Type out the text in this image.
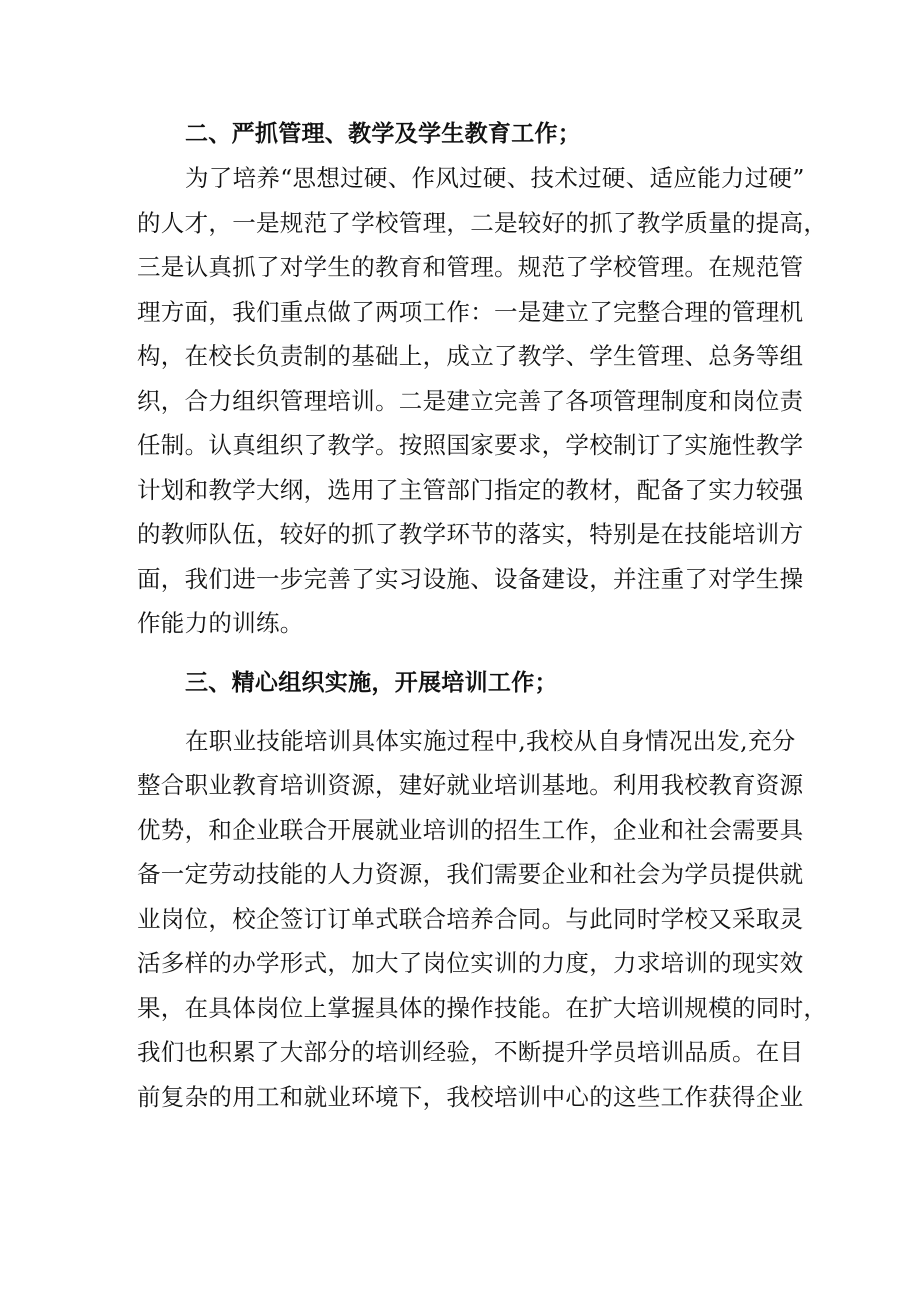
二、严抓管理、教学及学生教育工作；
为了培养“思想过硬、作风过硬、技术过硬、适应能力过硬”
的人才，一是规范了学校管理，二是较好的抓了教学质量的提高，
三是认真抓了对学生的教育和管理。规范了学校管理。在规范管
理方面，我们重点做了两项工作：一是建立了完整合理的管理机
构，在校长负责制的基础上，成立了教学、学生管理、总务等组
织，合力组织管理培训。二是建立完善了各项管理制度和岗位责
任制。认真组织了教学。按照国家要求，学校制订了实施性教学
计划和教学大纲，选用了主管部门指定的教材，配备了实力较强
的教师队伍，较好的抓了教学环节的落实，特别是在技能培训方
面，我们进一步完善了实习设施、设备建设，并注重了对学生操
作能力的训练。
三、精心组织实施，开展培训工作；
在职业技能培训具体实施过程中,我校从自身情况出发,充分
整合职业教育培训资源，建好就业培训基地。利用我校教育资源
优势，和企业联合开展就业培训的招生工作，企业和社会需要具
备一定劳动技能的人力资源，我们需要企业和社会为学员提供就
业岗位，校企签订订单式联合培养合同。与此同时学校又采取灵
活多样的办学形式，加大了岗位实训的力度，力求培训的现实效
果，在具体岗位上掌握具体的操作技能。在扩大培训规模的同时，
我们也积累了大部分的培训经验，不断提升学员培训品质。在目
前复杂的用工和就业环境下，我校培训中心的这些工作获得企业
